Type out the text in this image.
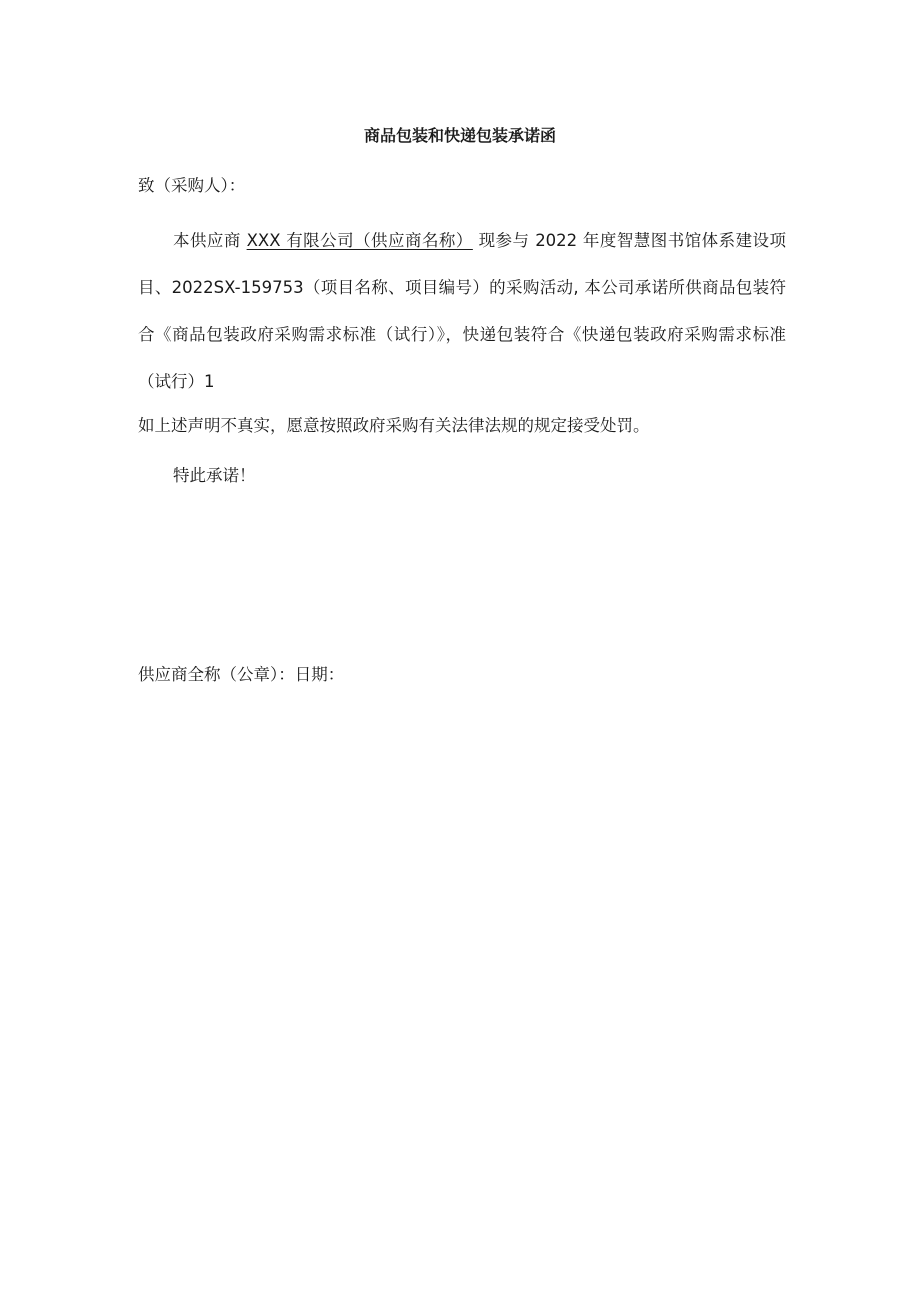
商品包装和快递包装承诺函
致（采购人）：
本供应商 XXX 有限公司（供应商名称） 现参与 2022 年度智慧图书馆体系建设项目、2022SX-159753（项目名称、项目编号）的采购活动, 本公司承诺所供商品包装符合《商品包装政府采购需求标准（试行）》，快递包装符合《快递包装政府采购需求标准（试行）1
如上述声明不真实，愿意按照政府采购有关法律法规的规定接受处罚。
特此承诺！
供应商全称（公章）：日期：
